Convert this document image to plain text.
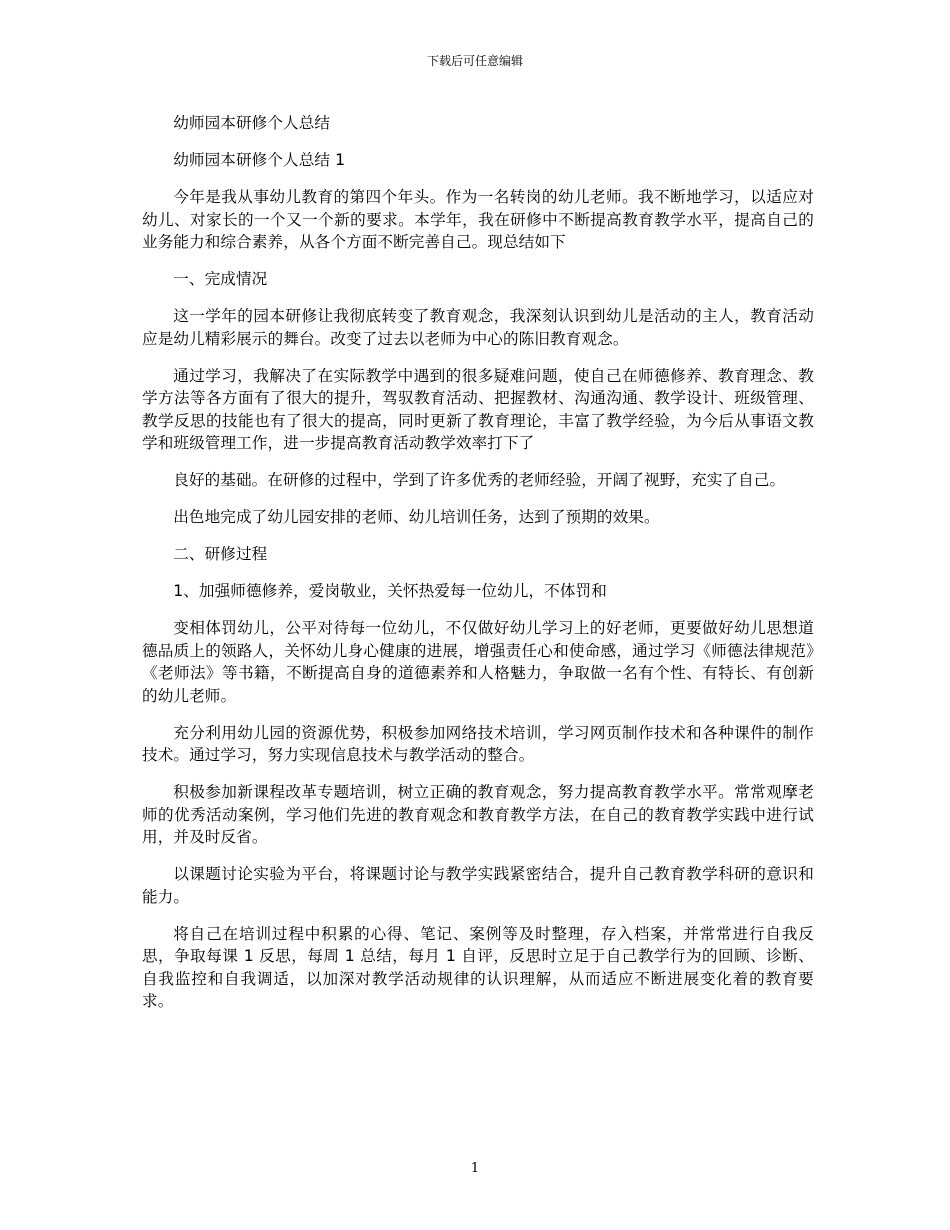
下载后可任意编辑

幼师园本研修个人总结

幼师园本研修个人总结 1

今年是我从事幼儿教育的第四个年头。作为一名转岗的幼儿老师。我不断地学习，以适应对幼儿、对家长的一个又一个新的要求。本学年，我在研修中不断提高教育教学水平，提高自己的业务能力和综合素养，从各个方面不断完善自己。现总结如下

一、完成情况

这一学年的园本研修让我彻底转变了教育观念，我深刻认识到幼儿是活动的主人，教育活动应是幼儿精彩展示的舞台。改变了过去以老师为中心的陈旧教育观念。

通过学习，我解决了在实际教学中遇到的很多疑难问题，使自己在师德修养、教育理念、教学方法等各方面有了很大的提升，驾驭教育活动、把握教材、沟通沟通、教学设计、班级管理、教学反思的技能也有了很大的提高，同时更新了教育理论，丰富了教学经验，为今后从事语文教学和班级管理工作，进一步提高教育活动教学效率打下了

良好的基础。在研修的过程中，学到了许多优秀的老师经验，开阔了视野，充实了自己。

出色地完成了幼儿园安排的老师、幼儿培训任务，达到了预期的效果。

二、研修过程

1、加强师德修养，爱岗敬业，关怀热爱每一位幼儿，不体罚和

变相体罚幼儿，公平对待每一位幼儿，不仅做好幼儿学习上的好老师，更要做好幼儿思想道德品质上的领路人，关怀幼儿身心健康的进展，增强责任心和使命感，通过学习《师德法律规范》《老师法》等书籍，不断提高自身的道德素养和人格魅力，争取做一名有个性、有特长、有创新的幼儿老师。

充分利用幼儿园的资源优势，积极参加网络技术培训，学习网页制作技术和各种课件的制作技术。通过学习，努力实现信息技术与教学活动的整合。

积极参加新课程改革专题培训，树立正确的教育观念，努力提高教育教学水平。常常观摩老师的优秀活动案例，学习他们先进的教育观念和教育教学方法，在自己的教育教学实践中进行试用，并及时反省。

以课题讨论实验为平台，将课题讨论与教学实践紧密结合，提升自己教育教学科研的意识和能力。

将自己在培训过程中积累的心得、笔记、案例等及时整理，存入档案，并常常进行自我反思，争取每课 1 反思，每周 1 总结，每月 1 自评，反思时立足于自己教学行为的回顾、诊断、自我监控和自我调适，以加深对教学活动规律的认识理解，从而适应不断进展变化着的教育要求。

1
